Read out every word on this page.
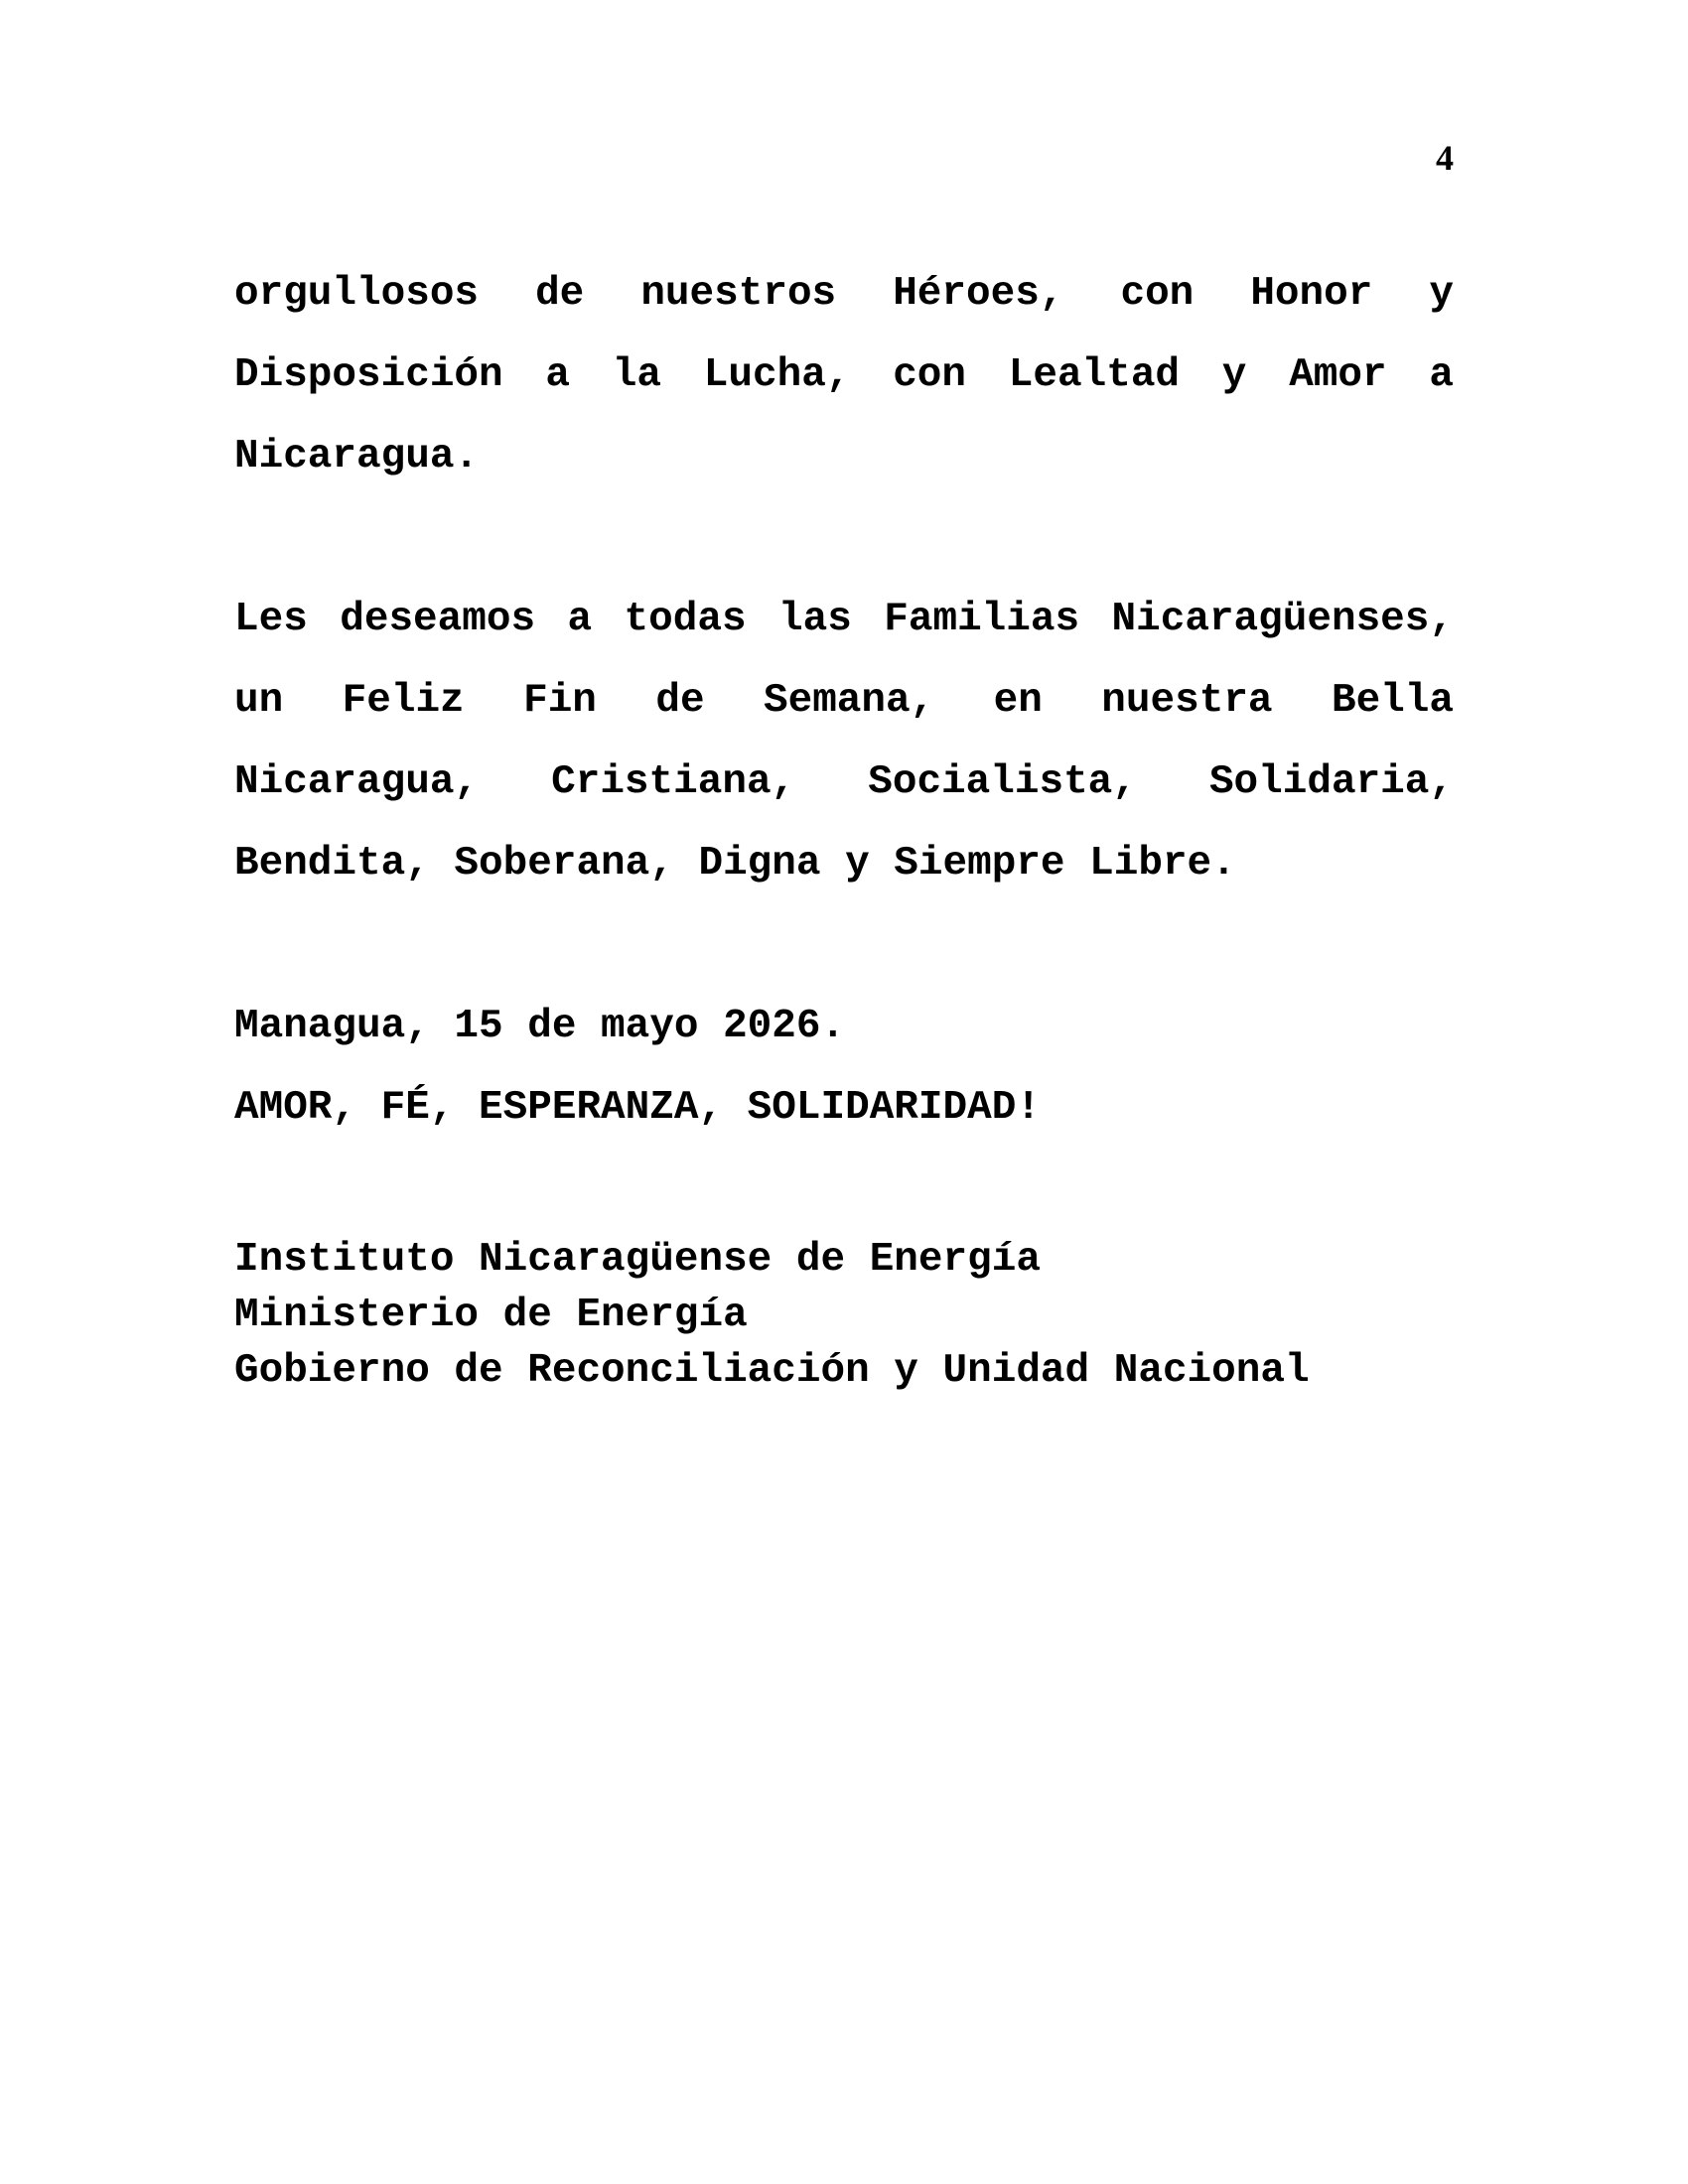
4

orgullosos de nuestros Héroes, con Honor y Disposición a la Lucha, con Lealtad y Amor a Nicaragua.

Les deseamos a todas las Familias Nicaragüenses, un Feliz Fin de Semana, en nuestra Bella Nicaragua, Cristiana, Socialista, Solidaria, Bendita, Soberana, Digna y Siempre Libre.

Managua, 15 de mayo 2026.
AMOR, FÉ, ESPERANZA, SOLIDARIDAD!
Instituto Nicaragüense de Energía
Ministerio de Energía
Gobierno de Reconciliación y Unidad Nacional
